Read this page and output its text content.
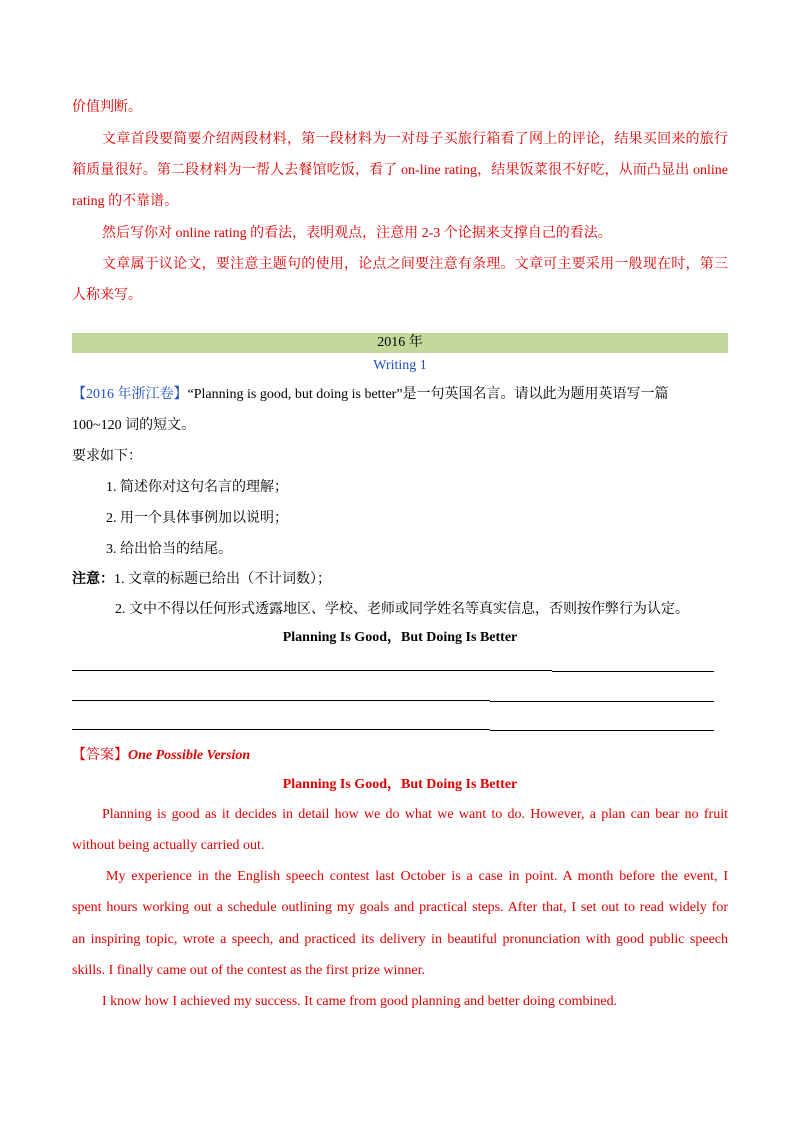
价值判断。
文章首段要简要介绍两段材料，第一段材料为一对母子买旅行箱看了网上的评论，结果买回来的旅行
箱质量很好。第二段材料为一帮人去餐馆吃饭，看了 on-line rating，结果饭菜很不好吃，从而凸显出 online
rating 的不靠谱。
然后写你对 online rating 的看法，表明观点，注意用 2-3 个论据来支撑自己的看法。
文章属于议论文，要注意主题句的使用，论点之间要注意有条理。文章可主要采用一般现在时，第三
人称来写。
2016 年
Writing 1
【2016 年浙江卷】“Planning is good, but doing is better”是一句英国名言。请以此为题用英语写一篇
100~120 词的短文。
要求如下：
1. 简述你对这句名言的理解；
2. 用一个具体事例加以说明；
3. 给出恰当的结尾。
注意：1. 文章的标题已给出（不计词数）；
2. 文中不得以任何形式透露地区、学校、老师或同学姓名等真实信息，否则按作弊行为认定。
Planning Is Good，But Doing Is Better
【答案】One Possible Version
Planning Is Good，But Doing Is Better
Planning is good as it decides in detail how we do what we want to do. However, a plan can bear no fruit
without being actually carried out.
My experience in the English speech contest last October is a case in point. A month before the event, I
spent hours working out a schedule outlining my goals and practical steps. After that, I set out to read widely for
an inspiring topic, wrote a speech, and practiced its delivery in beautiful pronunciation with good public speech
skills. I finally came out of the contest as the first prize winner.
I know how I achieved my success. It came from good planning and better doing combined.
